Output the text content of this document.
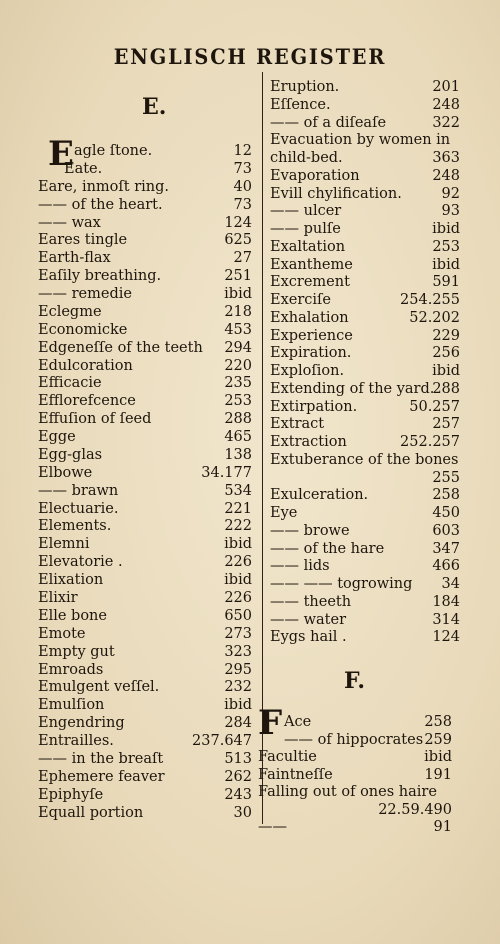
ENGLISCH REGISTER
E.
E agle ſtone.	12
Eate.	73
Eare, inmoſt ring.	40
—— of the heart.	73
—— wax	124
Eares tingle	625
Earth-flax	27
Eaſily breathing.	251
—— remedie	ibid
Eclegme	218
Economicke	453
Edgeneſſe of the teeth 294
Edulcoration	220
Efficacie	235
Efflorefcence	253
Effuſion of ſeed	288
Egge	465
Egg-glas	138
Elbowe	34.177
—— brawn	534
Electuarie.	221
Elements.	222
Elemni	ibid
Elevatorie .	226
Elixation	ibid
Elixir	226
Elle bone	650
Emote	273
Empty gut	323
Emroads	295
Emulgent veſſel.	232
Emulſion	ibid
Engendring	284
Entrailles.	237.647
—— in the breaſt	513
Ephemere feaver	262
Epiphyſe	243
Equall portion	30
Eruption.	201
Eſſence.	248
—— of a diſeaſe	322
Evacuation by women in
child-bed.	363
Evaporation	248
Evill chylification.	92
—— ulcer	93
—— pulſe	ibid
Exaltation	253
Exantheme	ibid
Excrement	591
Exerciſe	254.255
Exhalation	52.202
Experience	229
Expiration.	256
Exploſion.	ibid
Extending of the yard.
288
Extirpation.	50.257
Extract	257
Extraction	252.257
Extuberance of the bones
255
Exulceration.	258
Eye	450
—— browe	603
—— of the hare	347
—— lids	466
—— —— togrowing 34
—— theeth	184
—— water	314
Eygs hail .	124
F.
F Ace	258
—— of hippocrates 259
Facultie	ibid
Faintneſſe	191
Falling out of ones haire
22.59.490
——	91
